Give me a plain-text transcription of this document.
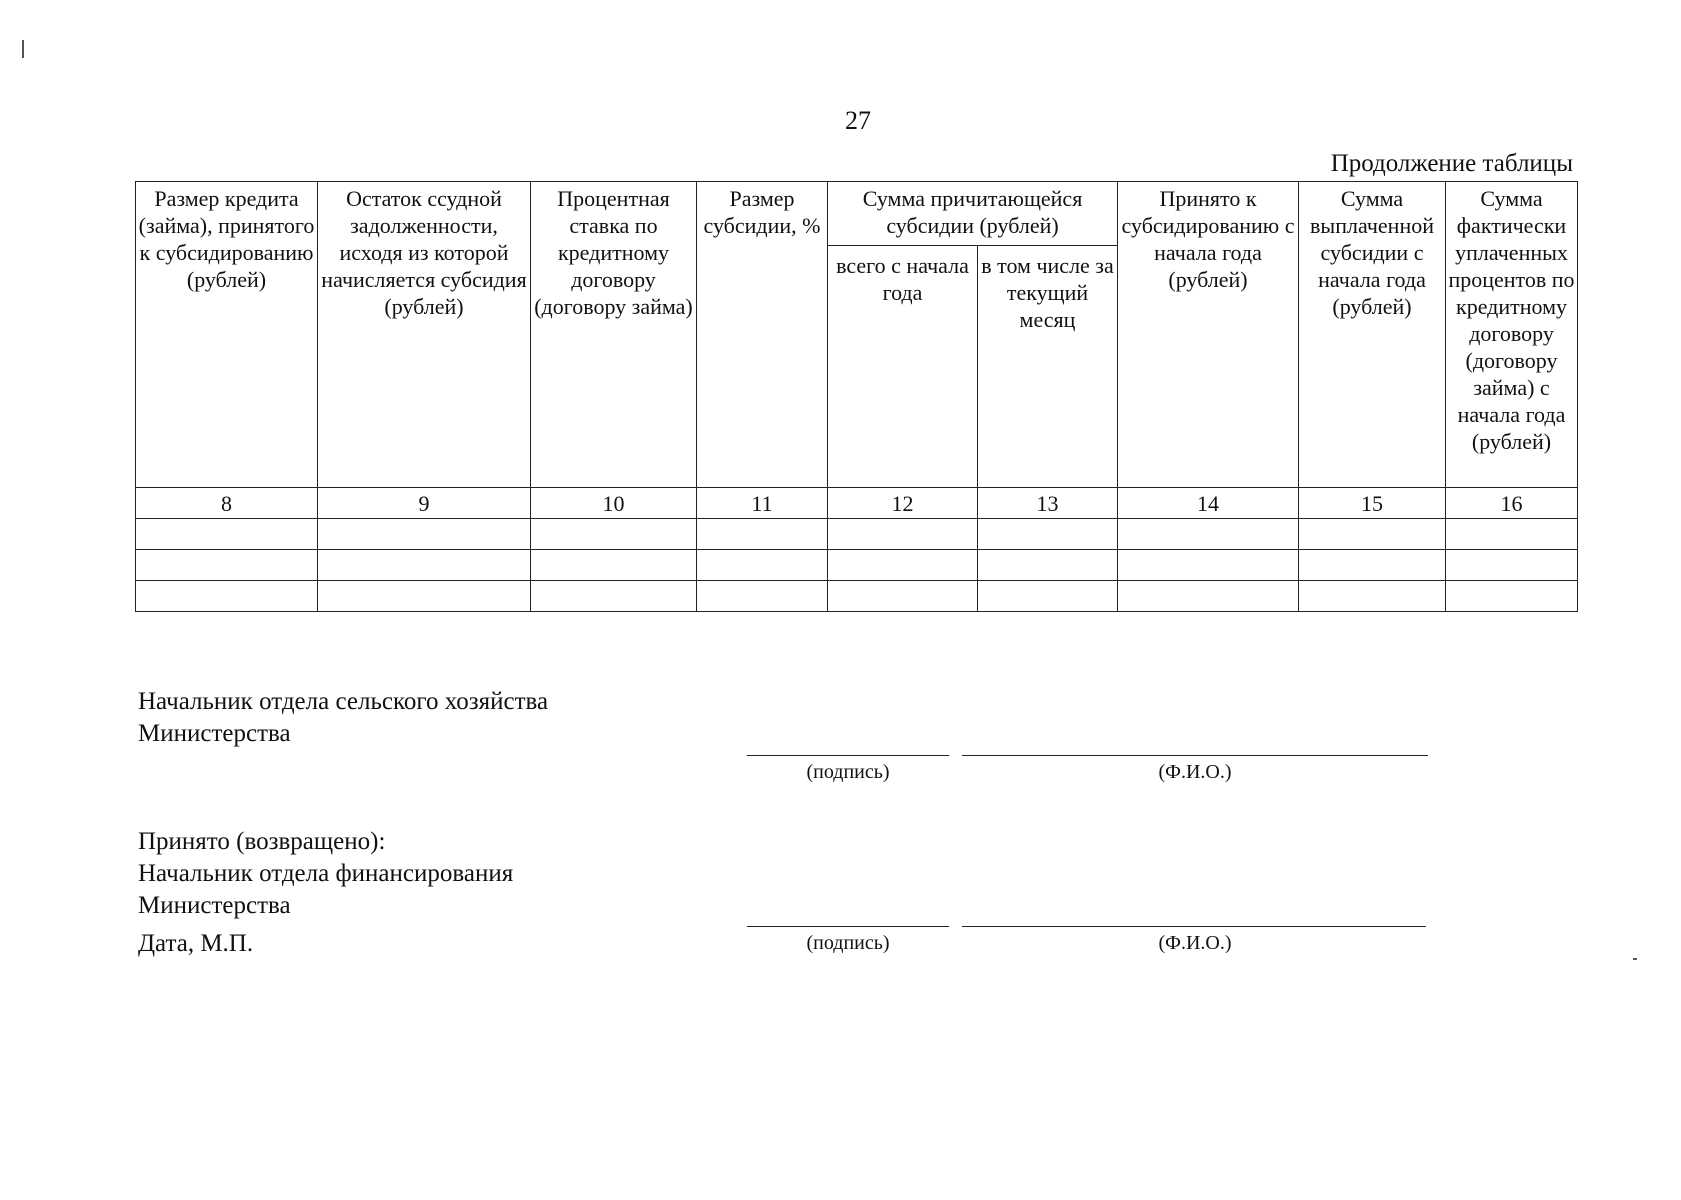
27
Продолжение таблицы
Размер кредита (займа), принятого к субсидированию (рублей)	Остаток ссудной задолженности, исходя из которой начисляется субсидия (рублей)	Процентная ставка по кредитному договору (договору займа)	Размер субсидии, %	Сумма причитающейся субсидии (рублей)		Принято к субсидированию с начала года (рублей)	Сумма выплаченной субсидии с начала года (рублей)	Сумма фактически уплаченных процентов по кредитному договору (договору займа) с начала года (рублей)
				всего с начала года	в том числе за текущий месяц			
8	9	10	11	12	13	14	15	16

Начальник отдела сельского хозяйства
Министерства
(подпись)	(Ф.И.О.)
Принято (возвращено):
Начальник отдела финансирования
Министерства
Дата, М.П.	(подпись)	(Ф.И.О.)
